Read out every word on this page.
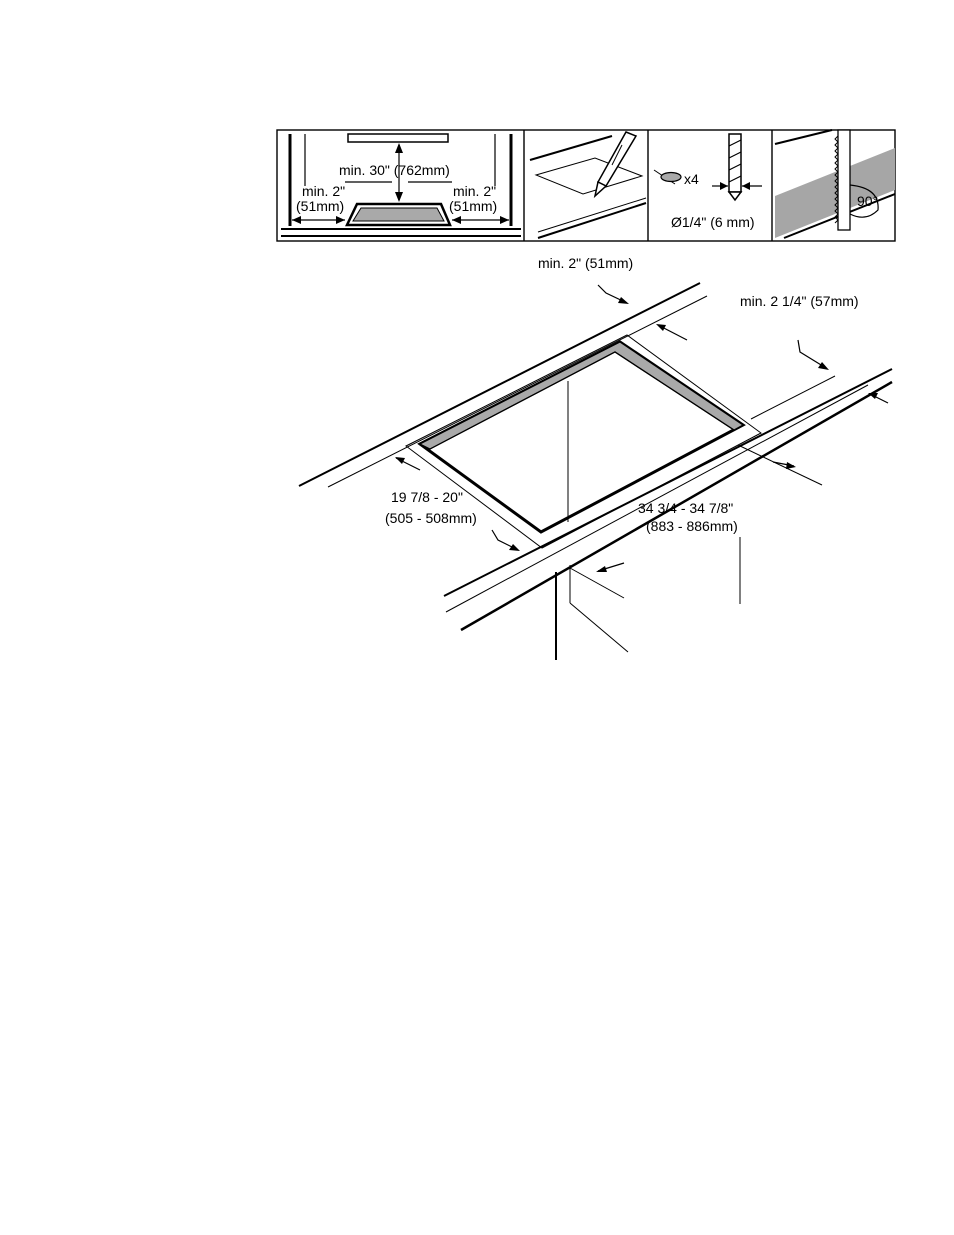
min. 30" (762mm)
min. 2"
(51mm)
min. 2"
(51mm)
x4
Ø1/4" (6 mm)
90°
min. 2" (51mm)
min. 2 1/4" (57mm)
19 7/8 - 20"
(505 - 508mm)
34 3/4 - 34 7/8"
(883 - 886mm)
